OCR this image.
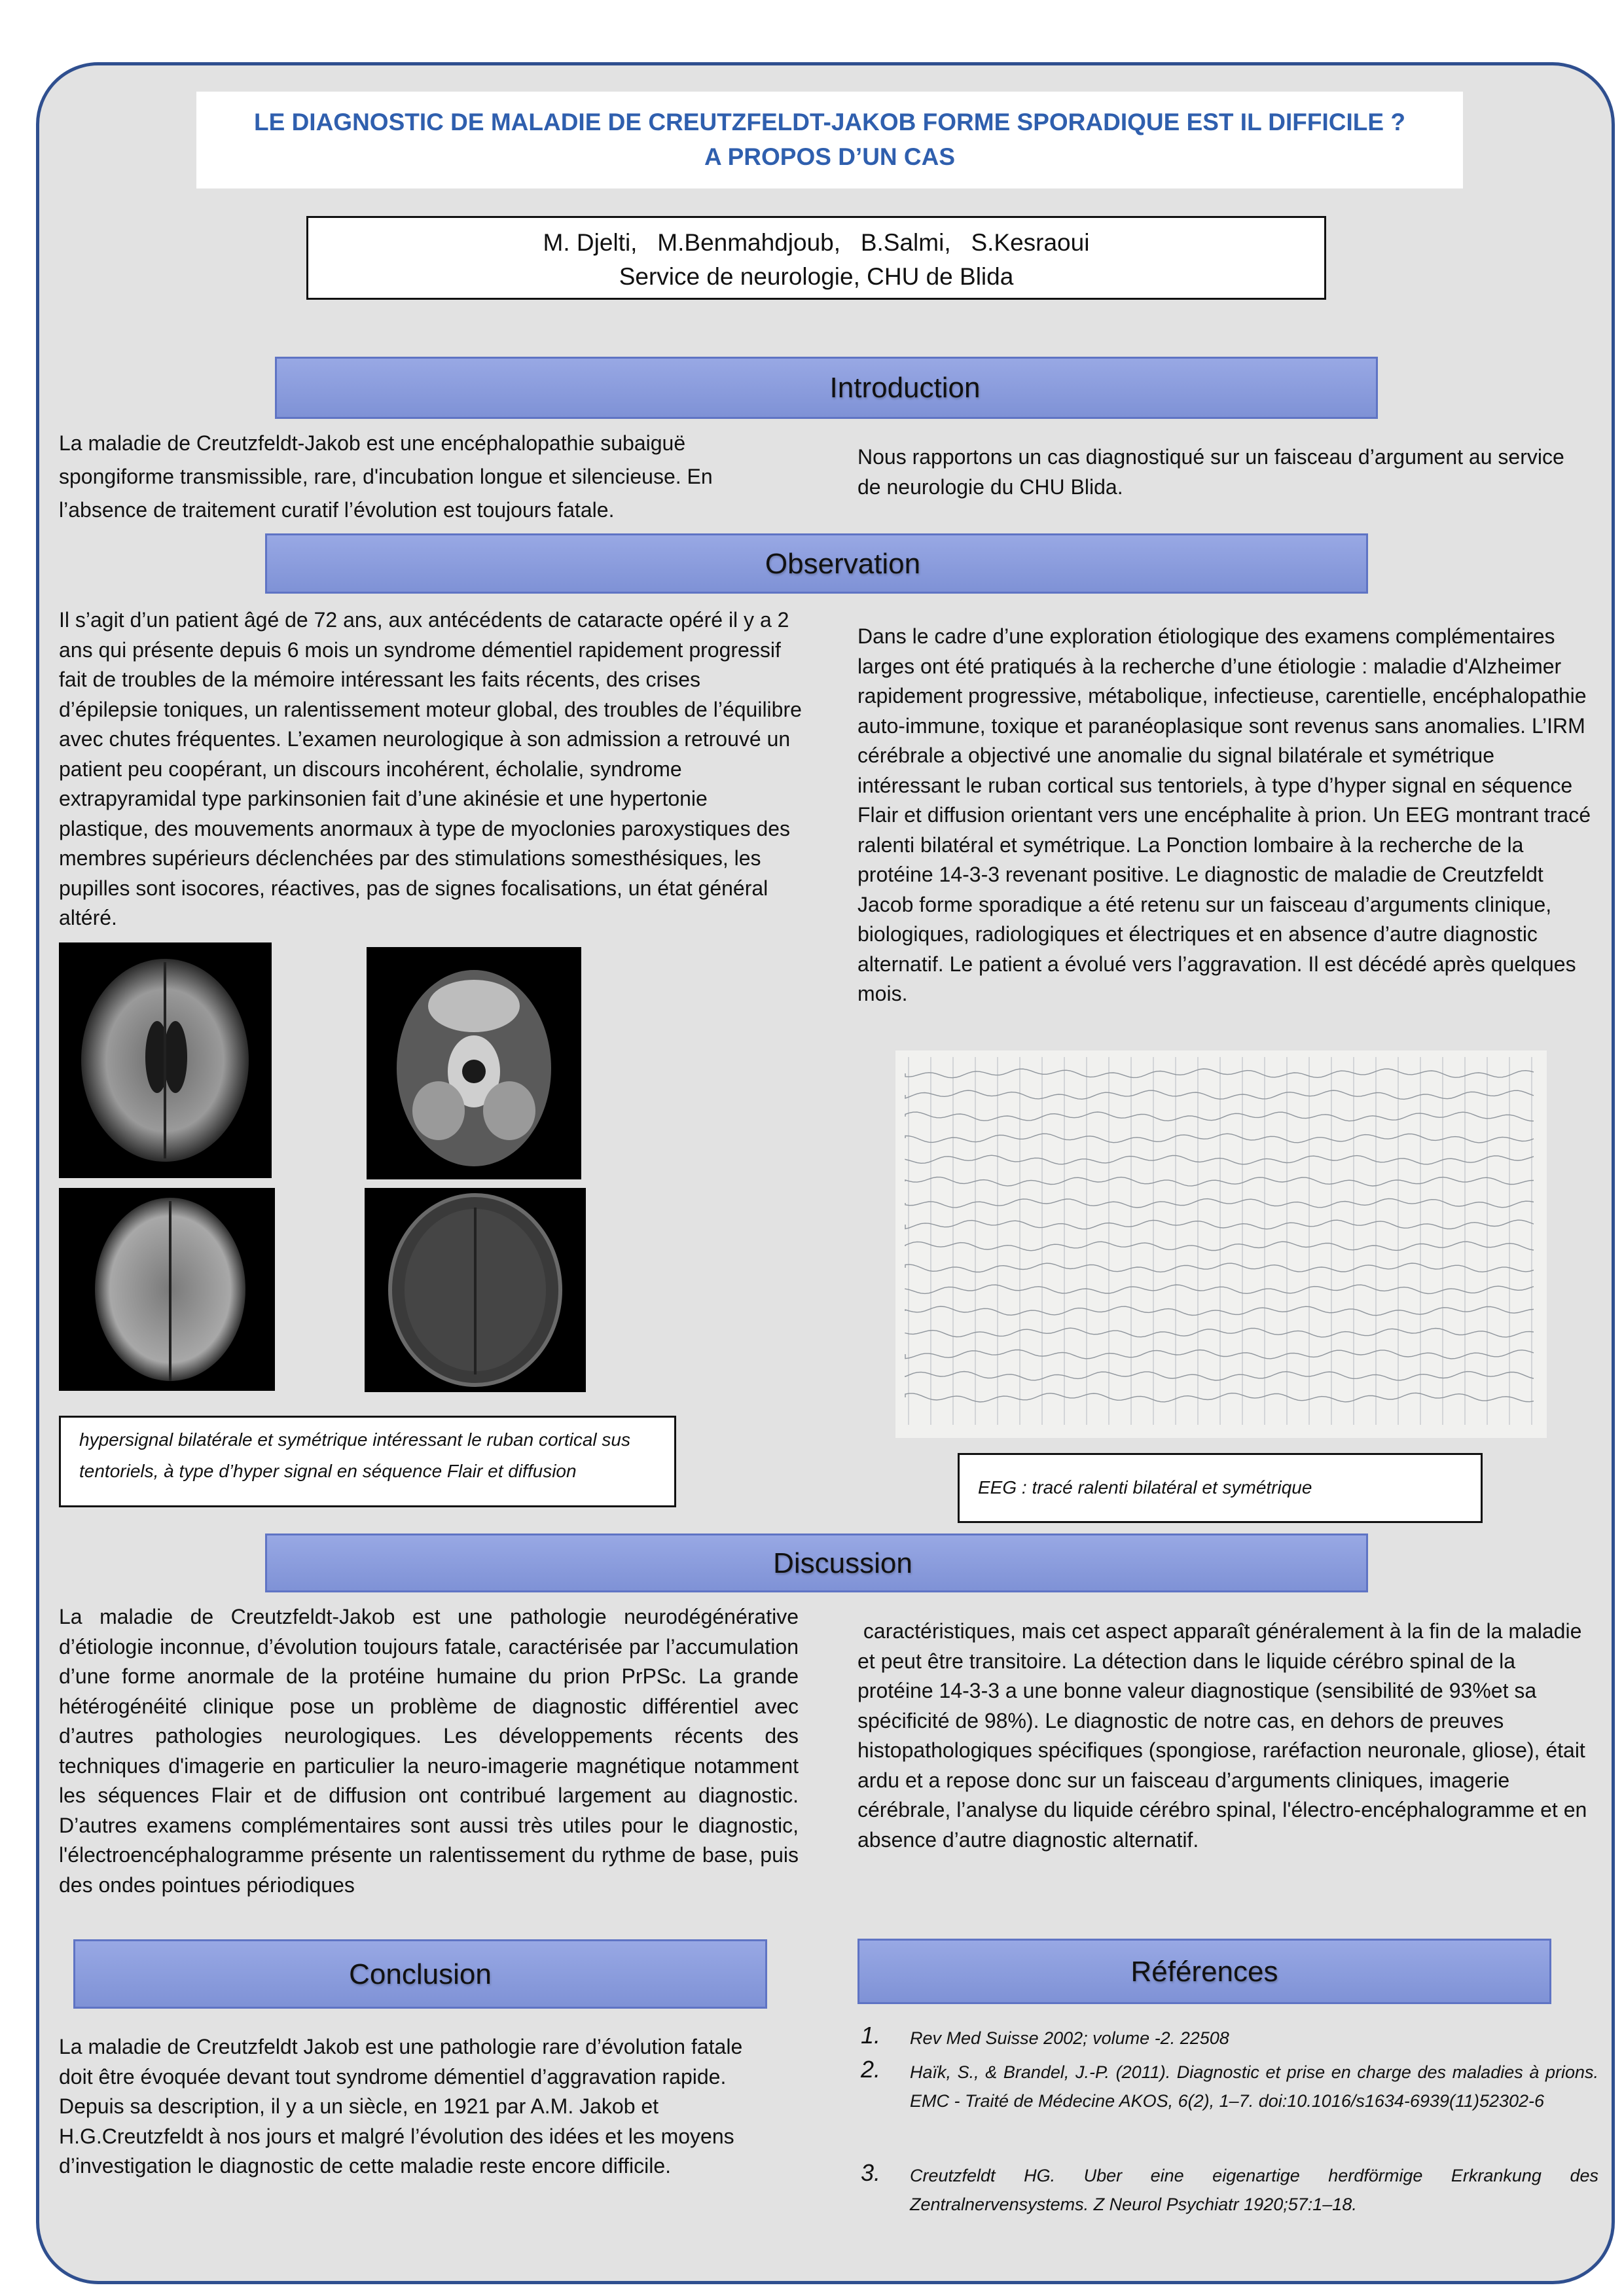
LE DIAGNOSTIC DE MALADIE DE CREUTZFELDT-JAKOB FORME SPORADIQUE EST IL DIFFICILE ?
A PROPOS D’UN CAS
M. Djelti,   M.Benmahdjoub,   B.Salmi,   S.Kesraoui
Service de neurologie, CHU de Blida
Introduction
La maladie de Creutzfeldt-Jakob est une encéphalopathie subaiguë spongiforme transmissible, rare, d'incubation longue et silencieuse. En l’absence de traitement curatif l’évolution est toujours fatale.
Nous rapportons un cas diagnostiqué sur un faisceau d’argument au service de neurologie du CHU Blida.
Observation
Il s’agit d’un patient âgé de 72 ans, aux antécédents de cataracte opéré il y a 2 ans qui présente depuis 6 mois un syndrome démentiel rapidement progressif fait de troubles de la mémoire intéressant les faits récents, des crises d’épilepsie toniques, un ralentissement moteur global, des troubles de l’équilibre avec chutes fréquentes. L’examen neurologique à son admission a retrouvé un patient peu coopérant, un discours incohérent, écholalie, syndrome extrapyramidal type parkinsonien fait d’une akinésie et une hypertonie plastique, des mouvements anormaux à type de myoclonies paroxystiques des membres supérieurs déclenchées par des stimulations somesthésiques, les pupilles sont isocores, réactives, pas de signes focalisations, un état général altéré.
Dans le cadre d’une exploration étiologique des examens complémentaires larges ont été pratiqués à la recherche d’une étiologie : maladie d'Alzheimer rapidement progressive, métabolique, infectieuse, carentielle, encéphalopathie auto-immune, toxique et paranéoplasique sont revenus sans anomalies. L’IRM cérébrale a objectivé une anomalie du signal bilatérale et symétrique intéressant le ruban cortical sus tentoriels, à type d’hyper signal en séquence Flair et diffusion orientant vers une encéphalite à prion. Un EEG montrant tracé ralenti bilatéral et symétrique. La Ponction lombaire à la recherche de la protéine 14-3-3 revenant positive. Le diagnostic de maladie de Creutzfeldt Jacob forme sporadique a été retenu sur un faisceau d’arguments clinique, biologiques, radiologiques et électriques et en absence d’autre diagnostic alternatif. Le patient a évolué vers l’aggravation. Il est décédé après quelques mois.
hypersignal bilatérale et symétrique intéressant le ruban cortical sus tentoriels, à type d’hyper signal en séquence Flair et diffusion
EEG : tracé ralenti bilatéral et symétrique
Discussion
La maladie de Creutzfeldt-Jakob est une pathologie neurodégénérative d’étiologie inconnue, d’évolution toujours fatale, caractérisée par l’accumulation d’une forme anormale de la protéine humaine du prion PrPSc. La grande hétérogénéité clinique pose un problème de diagnostic différentiel avec d’autres pathologies neurologiques. Les développements récents des techniques d'imagerie en particulier la neuro-imagerie magnétique notamment les séquences Flair et de diffusion ont contribué largement au diagnostic. D’autres examens complémentaires sont aussi très utiles pour le diagnostic, l'électroencéphalogramme présente un ralentissement du rythme de base, puis des ondes pointues périodiques
caractéristiques, mais cet aspect apparaît généralement à la fin de la maladie et peut être transitoire. La détection dans le liquide cérébro spinal de la protéine 14-3-3 a une bonne valeur diagnostique (sensibilité de 93%et sa spécificité de 98%). Le diagnostic de notre cas, en dehors de preuves histopathologiques spécifiques (spongiose, raréfaction neuronale, gliose), était ardu et a repose donc sur un faisceau d’arguments cliniques, imagerie cérébrale, l’analyse du liquide cérébro spinal, l'électro-encéphalogramme et en absence d’autre diagnostic alternatif.
Conclusion
La maladie de Creutzfeldt Jakob est une pathologie rare d’évolution fatale doit être évoquée devant tout syndrome démentiel d’aggravation rapide. Depuis sa description, il y a un siècle, en 1921 par A.M. Jakob et H.G.Creutzfeldt à nos jours et malgré l’évolution des idées et les moyens d’investigation le diagnostic de cette maladie reste encore difficile.
Références
1. Rev Med Suisse 2002; volume -2. 22508
2. Haïk, S., & Brandel, J.-P. (2011). Diagnostic et prise en charge des maladies à prions. EMC - Traité de Médecine AKOS, 6(2), 1–7. doi:10.1016/s1634-6939(11)52302-6
3. Creutzfeldt HG. Uber eine eigenartige herdförmige Erkrankung des Zentralnervensystems. Z Neurol Psychiatr 1920;57:1–18.
